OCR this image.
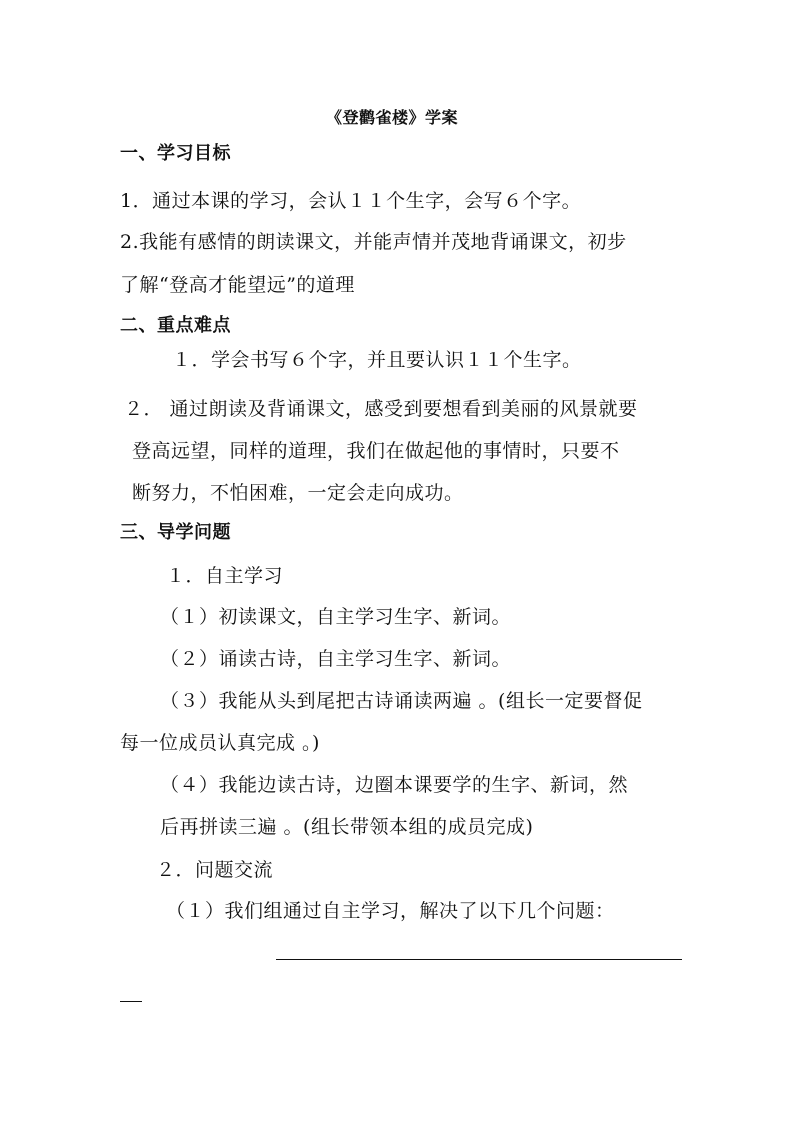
《登鹳雀楼》学案
一、学习目标
1．通过本课的学习，会认１１个生字，会写６个字。
2.我能有感情的朗读课文，并能声情并茂地背诵课文，初步
了解“登高才能望远”的道理
二、重点难点
１．学会书写６个字，并且要认识１１个生字。
２． 通过朗读及背诵课文，感受到要想看到美丽的风景就要
登高远望，同样的道理，我们在做起他的事情时，只要不
断努力，不怕困难，一定会走向成功。
三、导学问题
１．自主学习
（１）初读课文，自主学习生字、新词。
（２）诵读古诗，自主学习生字、新词。
（３）我能从头到尾把古诗诵读两遍 。(组长一定要督促
每一位成员认真完成 。)
（４）我能边读古诗，边圈本课要学的生字、新词，然
后再拼读三遍 。(组长带领本组的成员完成)
２．问题交流
（１）我们组通过自主学习，解决了以下几个问题：
